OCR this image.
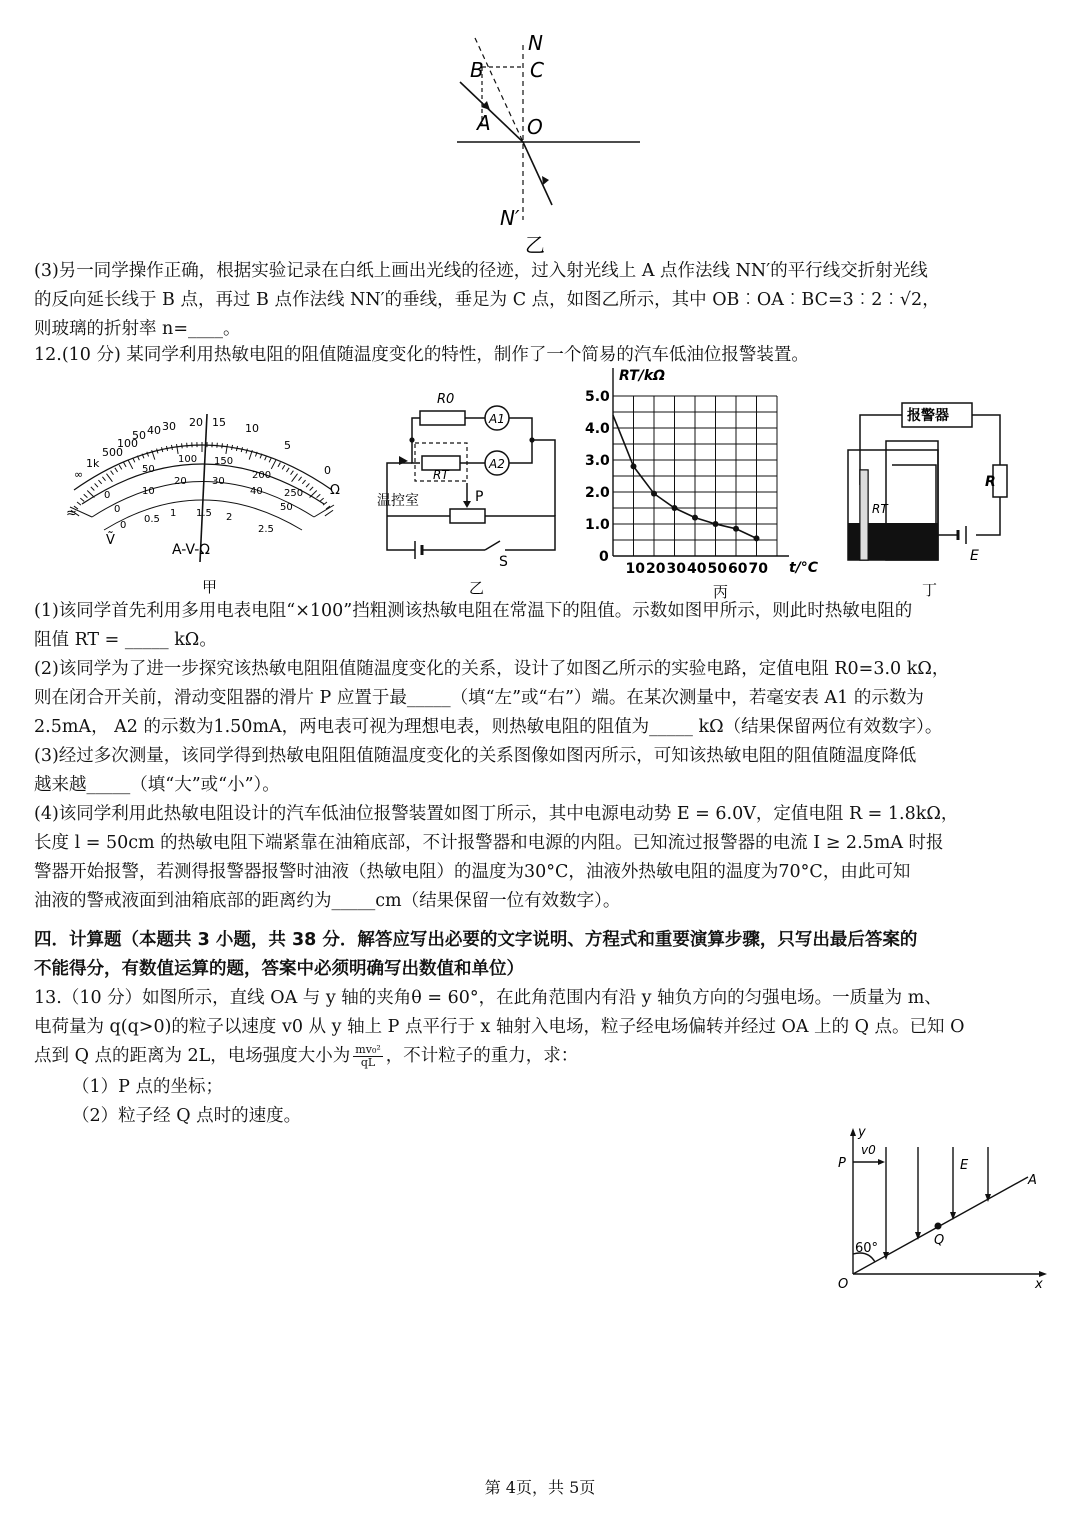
N
C
B
A O
N′
乙
(3)另一同学操作正确，根据实验记录在白纸上画出光线的径迹，过入射光线上 A 点作法线 NN′的平行线交折射光线
的反向延长线于 B 点，再过 B 点作法线 NN′的垂线，垂足为 C 点，如图乙所示，其中 OB︰OA︰BC=3︰2︰√2，
则玻璃的折射率 n=____。
12.(10 分) 某同学利用热敏电阻的阻值随温度变化的特性，制作了一个简易的汽车低油位报警装置。
∞
1k
500
100
50 40 30 20 15 10
5
0
Ω
0
50
100 150
200
250
0
10
20	30
40
50
0
0.5
1 1.5 2
2.5
≈
V͂
A-V-Ω
甲
R0
A1
A2
RT
温控室	P
S
乙
0
1.0
2.0
3.0
4.0
5.0
10 20 30 40 50 60 70
RT/kΩ
t/°C
丙
报警器
R
RT
E
丁
(1)该同学首先利用多用电表电阻“×100”挡粗测该热敏电阻在常温下的阻值。示数如图甲所示，则此时热敏电阻的
阻值 RT = _____ kΩ。
(2)该同学为了进一步探究该热敏电阻阻值随温度变化的关系，设计了如图乙所示的实验电路，定值电阻 R0=3.0 kΩ，
则在闭合开关前，滑动变阻器的滑片 P 应置于最_____（填“左”或“右”）端。在某次测量中，若毫安表 A1 的示数为
2.5mA， A2 的示数为1.50mA，两电表可视为理想电表，则热敏电阻的阻值为_____ kΩ（结果保留两位有效数字）。
(3)经过多次测量，该同学得到热敏电阻阻值随温度变化的关系图像如图丙所示，可知该热敏电阻的阻值随温度降低
越来越_____（填“大”或“小”）。
(4)该同学利用此热敏电阻设计的汽车低油位报警装置如图丁所示，其中电源电动势 E = 6.0V，定值电阻 R = 1.8kΩ，
长度 l = 50cm 的热敏电阻下端紧靠在油箱底部，不计报警器和电源的内阻。已知流过报警器的电流 I ≥ 2.5mA 时报
警器开始报警，若测得报警器报警时油液（热敏电阻）的温度为30°C，油液外热敏电阻的温度为70°C，由此可知
油液的警戒液面到油箱底部的距离约为_____cm（结果保留一位有效数字）。
四．计算题（本题共 3 小题，共 38 分．解答应写出必要的文字说明、方程式和重要演算步骤，只写出最后答案的
不能得分，有数值运算的题，答案中必须明确写出数值和单位）
13.（10 分）如图所示，直线 OA 与 y 轴的夹角θ = 60°，在此角范围内有沿 y 轴负方向的匀强电场。一质量为 m、
电荷量为 q(q>0)的粒子以速度 v0 从 y 轴上 P 点平行于 x 轴射入电场，粒子经电场偏转并经过 OA 上的 Q 点。已知 O
点到 Q 点的距离为 2L，电场强度大小为 $\frac{\text{mv₀²}}{qL}$ ，不计粒子的重力，求：
（1）P 点的坐标；
（2）粒子经 Q 点时的速度。
y
v0
P	E
A
Q
60°
O	x
第 4页，共 5页
